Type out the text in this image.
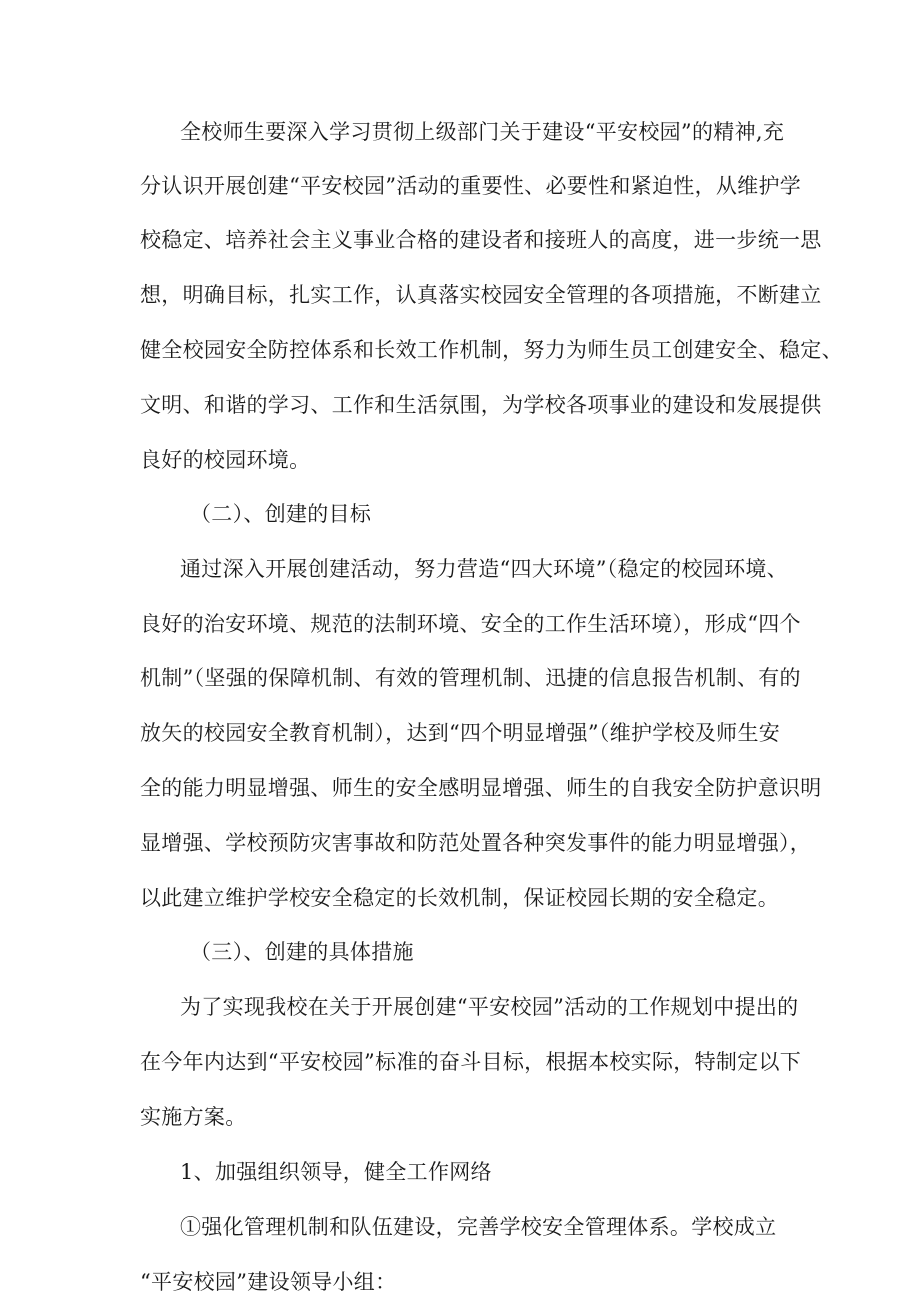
全校师生要深入学习贯彻上级部门关于建设“平安校园”的精神,充
分认识开展创建“平安校园”活动的重要性、必要性和紧迫性，从维护学
校稳定、培养社会主义事业合格的建设者和接班人的高度，进一步统一思
想，明确目标，扎实工作，认真落实校园安全管理的各项措施，不断建立
健全校园安全防控体系和长效工作机制，努力为师生员工创建安全、稳定、
文明、和谐的学习、工作和生活氛围，为学校各项事业的建设和发展提供
良好的校园环境。
（二）、创建的目标
通过深入开展创建活动，努力营造“四大环境”（稳定的校园环境、
良好的治安环境、规范的法制环境、安全的工作生活环境），形成“四个
机制”（坚强的保障机制、有效的管理机制、迅捷的信息报告机制、有的
放矢的校园安全教育机制），达到“四个明显增强”（维护学校及师生安
全的能力明显增强、师生的安全感明显增强、师生的自我安全防护意识明
显增强、学校预防灾害事故和防范处置各种突发事件的能力明显增强），
以此建立维护学校安全稳定的长效机制，保证校园长期的安全稳定。
（三）、创建的具体措施
为了实现我校在关于开展创建“平安校园”活动的工作规划中提出的
在今年内达到“平安校园”标准的奋斗目标，根据本校实际，特制定以下
实施方案。
1、加强组织领导，健全工作网络
①强化管理机制和队伍建设，完善学校安全管理体系。学校成立
“平安校园”建设领导小组：
